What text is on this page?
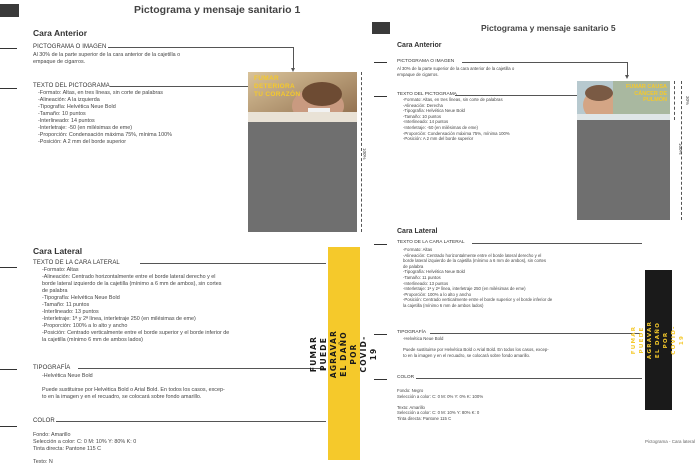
Pictograma y mensaje sanitario 1
Cara Anterior
PICTOGRAMA O IMAGEN
Al 30% de la parte superior de la cara anterior de la cajetilla o
empaque de cigarros.
TEXTO DEL PICTOGRAMA
-Formato: Altas, en tres líneas, sin corte de palabras
-Alineación: A la izquierda
-Tipografía: Helvética Neue Bold
-Tamaño: 10 puntos
-Interlineado: 14 puntos
-Interletraje: -50 (en milésimas de eme)
-Proporción: Condensación máxima 75%, mínima 100%
-Posición: A 2 mm del borde superior
FUMAR
DETERIORA
TU CORAZÓN
100%
Cara Lateral
TEXTO DE LA CARA LATERAL
-Formato: Altas
-Alineación: Centrado horizontalmente entre el borde lateral derecho y el
borde lateral izquierdo de la cajetilla (mínimo a 6 mm de ambos), sin cortes
de palabra
-Tipografía: Helvética Neue Bold
-Tamaño: 11 puntos
-Interlineado: 13 puntos
-Interletraje: 1ª y 2ª línea, interletraje 250 (en milésimas de eme)
-Proporción: 100% a lo alto y ancho
-Posición: Centrado verticalmente entre el borde superior y el borde inferior de
la cajetilla (mínimo 6 mm de ambos lados)
TIPOGRAFÍA
-Helvética Neue Bold

Puede sustituirse por Helvética Bold o Arial Bold. En todos los casos, excep-
to en la imagen y en el recuadro, se colocará sobre fondo amarillo.
COLOR
Fondo: Amarillo
Selección a color: C: 0 M: 10% Y: 80% K: 0
Tinta directa: Pantone 115 C
Texto: N
FUMAR PUEDE AGRAVAR
EL DAÑO POR COVID-19
Pictograma y mensaje sanitario 5
Cara Anterior
PICTOGRAMA O IMAGEN
Al 30% de la parte superior de la cara anterior de la cajetilla o
empaque de cigarros.
TEXTO DEL PICTOGRAMA
-Formato: Altas, en tres líneas, sin corte de palabras
-Alineación: Derecha
-Tipografía: Helvética Neue Bold
-Tamaño: 10 puntos
-Interlineado: 14 puntos
-Interletraje: -50 (en milésimas de eme)
-Proporción: Condensación máxima 75%, mínima 100%
-Posición: A 2 mm del borde superior
FUMAR CAUSA
CÁNCER DE
PULMÓN	30%
100%
Cara Lateral
TEXTO DE LA CARA LATERAL
-Formato: Altas
-Alineación: Centrado horizontalmente entre el borde lateral derecho y el
borde lateral izquierdo de la cajetilla (mínimo a 6 mm de ambos), sin cortes
de palabra
-Tipografía: Helvética Neue Bold
-Tamaño: 11 puntos
-Interlineado: 13 puntos
-Interletraje: 1ª y 2ª línea, interletraje 250 (en milésimas de eme)
-Proporción: 100% a lo alto y ancho
-Posición: Centrado verticalmente entre el borde superior y el borde inferior de
la cajetilla (mínimo 6 mm de ambos lados)
TIPOGRAFÍA
-Helvética Neue Bold

Puede sustituirse por Helvética Bold o Arial Bold. En todos los casos, excep-
to en la imagen y en el recuadro, se colocará sobre fondo amarillo.
COLOR
Fondo: Negro
Selección a color: C: 0 M: 0% Y: 0% K: 100%

Texto: Amarillo
Selección a color: C: 0 M: 10% Y: 80% K: 0
Tinta directa: Pantone 115 C
FUMAR PUEDE AGRAVAR
EL DAÑO POR COVID-19
Pictograma - Cara lateral
